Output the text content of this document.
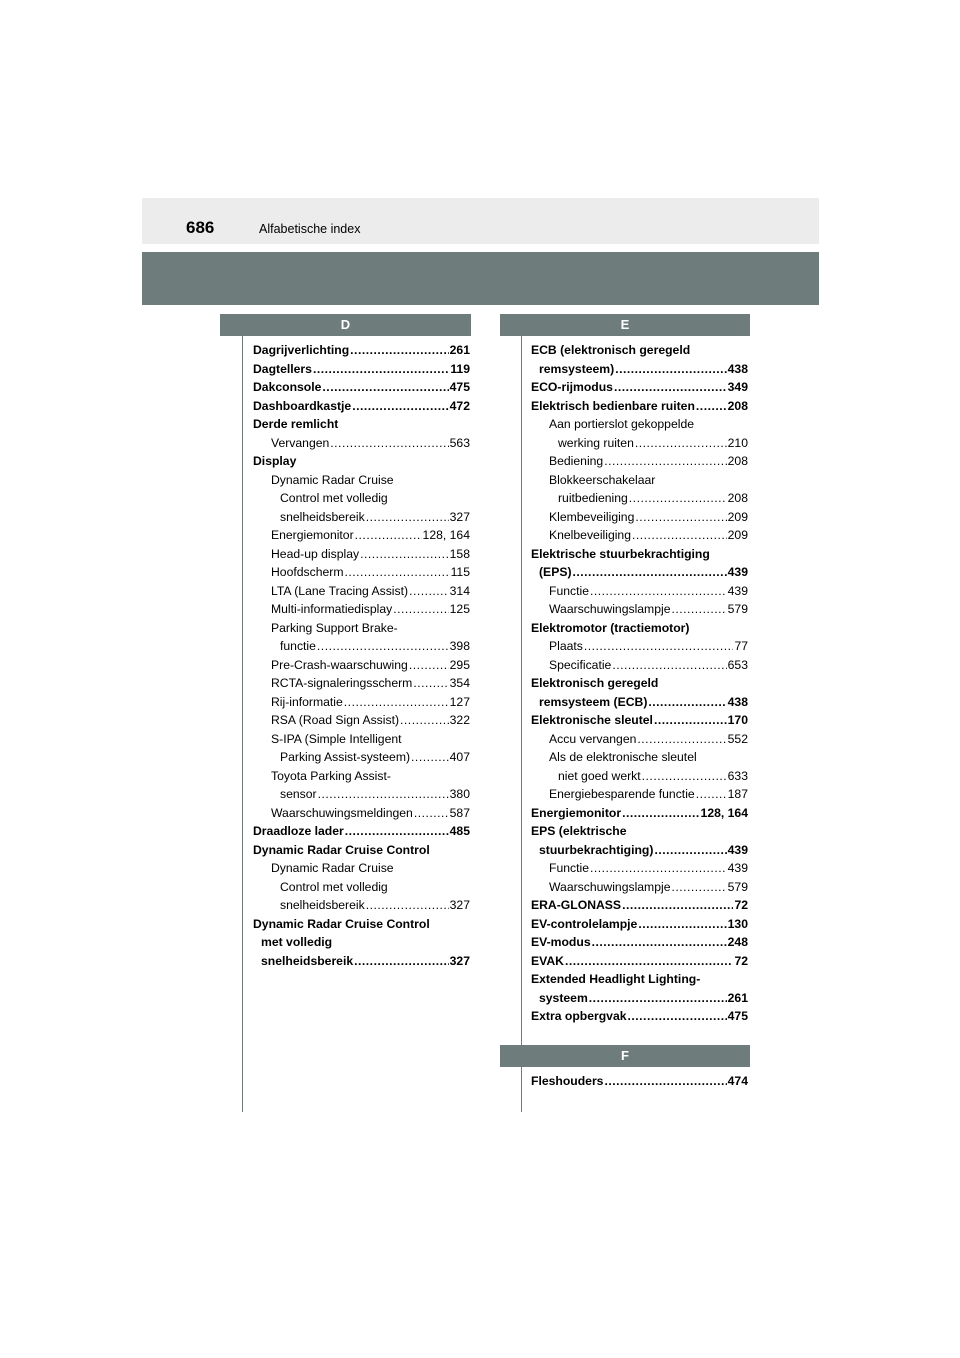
686	Alfabetische index
D	E
F
Dagrijverlichting .....	261
Dagtellers .....	119
Dakconsole .....	475
Dashboardkastje .....	472
Derde remlicht
Vervangen .....	563
Display
Dynamic Radar Cruise
Control met volledig
snelheidsbereik .....	327
Energiemonitor .....	128, 164
Head-up display .....	158
Hoofdscherm .....	115
LTA (Lane Tracing Assist) .....	314
Multi-informatiedisplay .....	125
Parking Support Brake-
functie .....	398
Pre-Crash-waarschuwing .....	295
RCTA-signaleringsscherm .....	354
Rij-informatie .....	127
RSA (Road Sign Assist) .....	322
S-IPA (Simple Intelligent
Parking Assist-systeem) .....	407
Toyota Parking Assist-
sensor .....	380
Waarschuwingsmeldingen .....	587
Draadloze lader .....	485
Dynamic Radar Cruise Control
Dynamic Radar Cruise
Control met volledig
snelheidsbereik .....	327
Dynamic Radar Cruise Control
met volledig
snelheidsbereik .....	327
ECB (elektronisch geregeld
remsysteem) .....	438
ECO-rijmodus .....	349
Elektrisch bedienbare ruiten .....	208
Aan portierslot gekoppelde
werking ruiten .....	210
Bediening .....	208
Blokkeerschakelaar
ruitbediening .....	208
Klembeveiliging .....	209
Knelbeveiliging .....	209
Elektrische stuurbekrachtiging
(EPS) .....	439
Functie .....	439
Waarschuwingslampje .....	579
Elektromotor (tractiemotor)
Plaats .....	77
Specificatie .....	653
Elektronisch geregeld
remsysteem (ECB) .....	438
Elektronische sleutel .....	170
Accu vervangen .....	552
Als de elektronische sleutel
niet goed werkt .....	633
Energiebesparende functie .....	187
Energiemonitor .....	128, 164
EPS (elektrische
stuurbekrachtiging) .....	439
Functie .....	439
Waarschuwingslampje .....	579
ERA-GLONASS .....	72
EV-controlelampje .....	130
EV-modus .....	248
EVAK .....	72
Extended Headlight Lighting-
systeem .....	261
Extra opbergvak .....	475
Fleshouders .....	474
